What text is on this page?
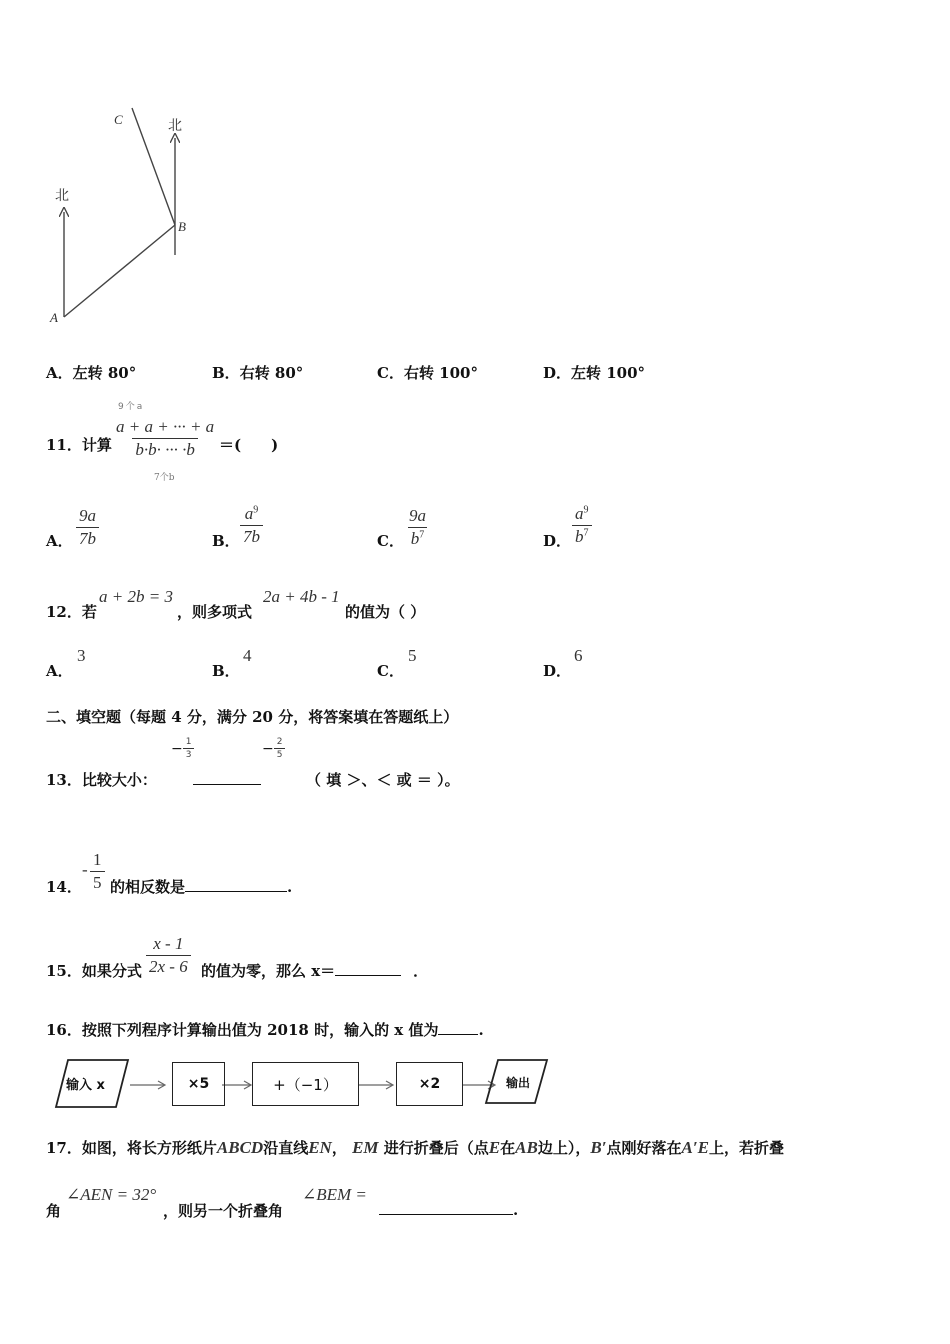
北
北
A
B
C
A．左转 80°	B．右转 80°	C．右转 100°	D．左转 100°
11．计算
9个a
$\frac{a + a + \cdot\cdot\cdot + a}{b\cdot b\cdot \cdot\cdot\cdot \cdot b}$
7个b
＝(　　)
A． $\frac{9a}{7b}$	B． $\frac{a^9}{7b}$	C． $\frac{9a}{b^7}$	D． $\frac{a^9}{b^7}$
12．若
a + 2b = 3
，则多项式
2a + 4b - 1
的值为（ ）
A．
3
B．
4
C．
5
D．
6
二、填空题（每题 4 分，满分 20 分，将答案填在答题纸上）
13．比较大小：
− $\frac{1}{3}$	− $\frac{2}{5}$
（ 填 ＞、＜ 或 ＝ ）。
14．
- $\frac{1}{5}$ 的相反数是	.
15．如果分式 $\frac{x - 1}{2x - 6}$ 的值为零，那么 x＝	．
16．按照下列程序计算输出值为 2018 时，输入的 x 值为	.
输入 x	×5	+（−1）	×2	输出
17．如图，将长方形纸片ABCD沿直线EN， EM 进行折叠后（点E在AB边上），B′点刚好落在A′E上，若折叠
角
∠AEN = 32°
，则另一个折叠角
∠BEM =
.
